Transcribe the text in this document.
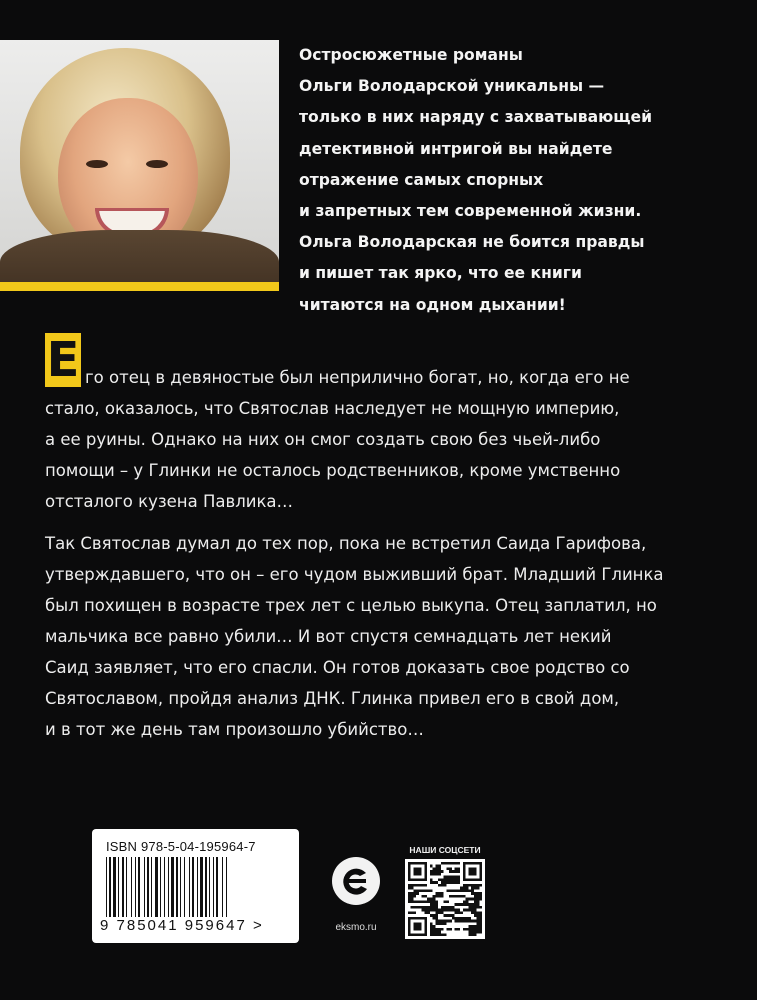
Остросюжетные романы
Ольги Володарской уникальны —
только в них наряду с захватывающей
детективной интригой вы найдете
отражение самых спорных
и запретных тем современной жизни.
Ольга Володарская не боится правды
и пишет так ярко, что ее книги
читаются на одном дыхании!
Е го отец в девяностые был неприлично богат, но, когда его не
стало, оказалось, что Святослав наследует не мощную империю,
а ее руины. Однако на них он смог создать свою без чьей-либо
помощи – у Глинки не осталось родственников, кроме умственно
отсталого кузена Павлика…
Так Святослав думал до тех пор, пока не встретил Саида Гарифова,
утверждавшего, что он – его чудом выживший брат. Младший Глинка
был похищен в возрасте трех лет с целью выкупа. Отец заплатил, но
мальчика все равно убили… И вот спустя семнадцать лет некий
Саид заявляет, что его спасли. Он готов доказать свое родство со
Святославом, пройдя анализ ДНК. Глинка привел его в свой дом,
и в тот же день там произошло убийство…
ISBN 978-5-04-195964-7
9 785041 959647 >	eksmo.ru
НАШИ СОЦСЕТИ
